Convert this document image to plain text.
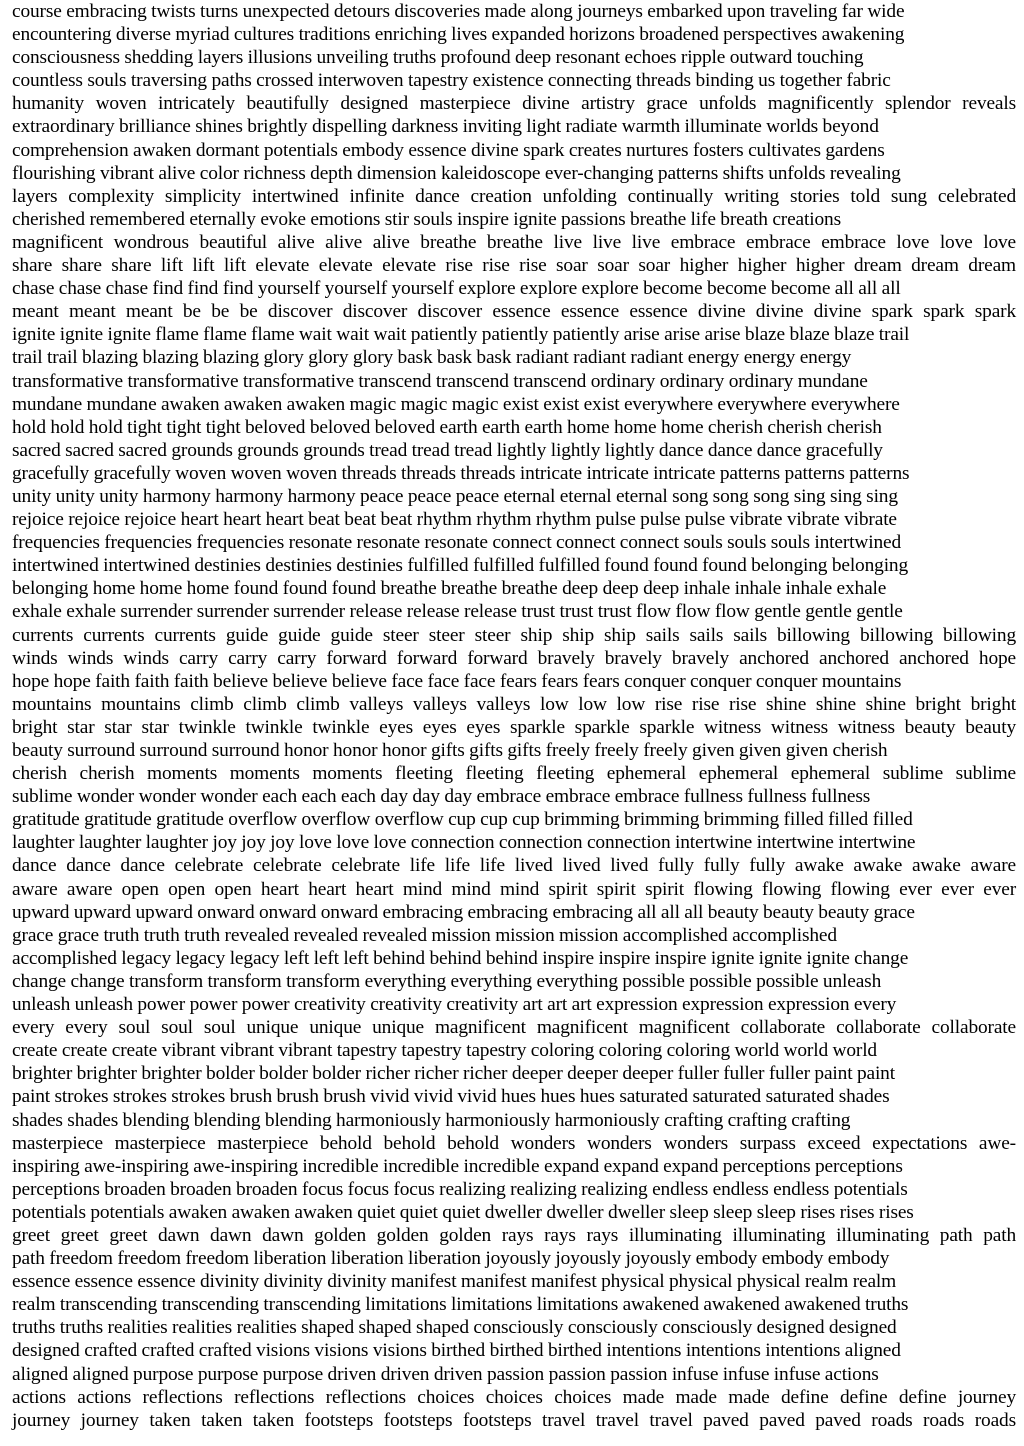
course embracing twists turns unexpected detours discoveries made along journeys embarked upon traveling far wide
encountering diverse myriad cultures traditions enriching lives expanded horizons broadened perspectives awakening
consciousness shedding layers illusions unveiling truths profound deep resonant echoes ripple outward touching
countless souls traversing paths crossed interwoven tapestry existence connecting threads binding us together fabric
humanity woven intricately beautifully designed masterpiece divine artistry grace unfolds magnificently splendor reveals
extraordinary brilliance shines brightly dispelling darkness inviting light radiate warmth illuminate worlds beyond
comprehension awaken dormant potentials embody essence divine spark creates nurtures fosters cultivates gardens
flourishing vibrant alive color richness depth dimension kaleidoscope ever-changing patterns shifts unfolds revealing
layers complexity simplicity intertwined infinite dance creation unfolding continually writing stories told sung celebrated
cherished remembered eternally evoke emotions stir souls inspire ignite passions breathe life breath creations
magnificent wondrous beautiful alive alive alive breathe breathe live live live embrace embrace embrace love love love
share share share lift lift lift elevate elevate elevate rise rise rise soar soar soar higher higher higher dream dream dream
chase chase chase find find find yourself yourself yourself explore explore explore become become become all all all
meant meant meant be be be discover discover discover essence essence essence divine divine divine spark spark spark
ignite ignite ignite flame flame flame wait wait wait patiently patiently patiently arise arise arise blaze blaze blaze trail
trail trail blazing blazing blazing glory glory glory bask bask bask radiant radiant radiant energy energy energy
transformative transformative transformative transcend transcend transcend ordinary ordinary ordinary mundane
mundane mundane awaken awaken awaken magic magic magic exist exist exist everywhere everywhere everywhere
hold hold hold tight tight tight beloved beloved beloved earth earth earth home home home cherish cherish cherish
sacred sacred sacred grounds grounds grounds tread tread tread lightly lightly lightly dance dance dance gracefully
gracefully gracefully woven woven woven threads threads threads intricate intricate intricate patterns patterns patterns
unity unity unity harmony harmony harmony peace peace peace eternal eternal eternal song song song sing sing sing
rejoice rejoice rejoice heart heart heart beat beat beat rhythm rhythm rhythm pulse pulse pulse vibrate vibrate vibrate
frequencies frequencies frequencies resonate resonate resonate connect connect connect souls souls souls intertwined
intertwined intertwined destinies destinies destinies fulfilled fulfilled fulfilled found found found belonging belonging
belonging home home home found found found breathe breathe breathe deep deep deep inhale inhale inhale exhale
exhale exhale surrender surrender surrender release release release trust trust trust flow flow flow gentle gentle gentle
currents currents currents guide guide guide steer steer steer ship ship ship sails sails sails billowing billowing billowing
winds winds winds carry carry carry forward forward forward bravely bravely bravely anchored anchored anchored hope
hope hope faith faith faith believe believe believe face face face fears fears fears conquer conquer conquer mountains
mountains mountains climb climb climb valleys valleys valleys low low low rise rise rise shine shine shine bright bright
bright star star star twinkle twinkle twinkle eyes eyes eyes sparkle sparkle sparkle witness witness witness beauty beauty
beauty surround surround surround honor honor honor gifts gifts gifts freely freely freely given given given cherish
cherish cherish moments moments moments fleeting fleeting fleeting ephemeral ephemeral ephemeral sublime sublime
sublime wonder wonder wonder each each each day day day embrace embrace embrace fullness fullness fullness
gratitude gratitude gratitude overflow overflow overflow cup cup cup brimming brimming brimming filled filled filled
laughter laughter laughter joy joy joy love love love connection connection connection intertwine intertwine intertwine
dance dance dance celebrate celebrate celebrate life life life lived lived lived fully fully fully awake awake awake aware
aware aware open open open heart heart heart mind mind mind spirit spirit spirit flowing flowing flowing ever ever ever
upward upward upward onward onward onward embracing embracing embracing all all all beauty beauty beauty grace
grace grace truth truth truth revealed revealed revealed mission mission mission accomplished accomplished
accomplished legacy legacy legacy left left left behind behind behind inspire inspire inspire ignite ignite ignite change
change change transform transform transform everything everything everything possible possible possible unleash
unleash unleash power power power creativity creativity creativity art art art expression expression expression every
every every soul soul soul unique unique unique magnificent magnificent magnificent collaborate collaborate collaborate
create create create vibrant vibrant vibrant tapestry tapestry tapestry coloring coloring coloring world world world
brighter brighter brighter bolder bolder bolder richer richer richer deeper deeper deeper fuller fuller fuller paint paint
paint strokes strokes strokes brush brush brush vivid vivid vivid hues hues hues saturated saturated saturated shades
shades shades blending blending blending harmoniously harmoniously harmoniously crafting crafting crafting
masterpiece masterpiece masterpiece behold behold behold wonders wonders wonders surpass exceed expectations awe-
inspiring awe-inspiring awe-inspiring incredible incredible incredible expand expand expand perceptions perceptions
perceptions broaden broaden broaden focus focus focus realizing realizing realizing endless endless endless potentials
potentials potentials awaken awaken awaken quiet quiet quiet dweller dweller dweller sleep sleep sleep rises rises rises
greet greet greet dawn dawn dawn golden golden golden rays rays rays illuminating illuminating illuminating path path
path freedom freedom freedom liberation liberation liberation joyously joyously joyously embody embody embody
essence essence essence divinity divinity divinity manifest manifest manifest physical physical physical realm realm
realm transcending transcending transcending limitations limitations limitations awakened awakened awakened truths
truths truths realities realities realities shaped shaped shaped consciously consciously consciously designed designed
designed crafted crafted crafted visions visions visions birthed birthed birthed intentions intentions intentions aligned
aligned aligned purpose purpose purpose driven driven driven passion passion passion infuse infuse infuse actions
actions actions reflections reflections reflections choices choices choices made made made define define define journey
journey journey taken taken taken footsteps footsteps footsteps travel travel travel paved paved paved roads roads roads
